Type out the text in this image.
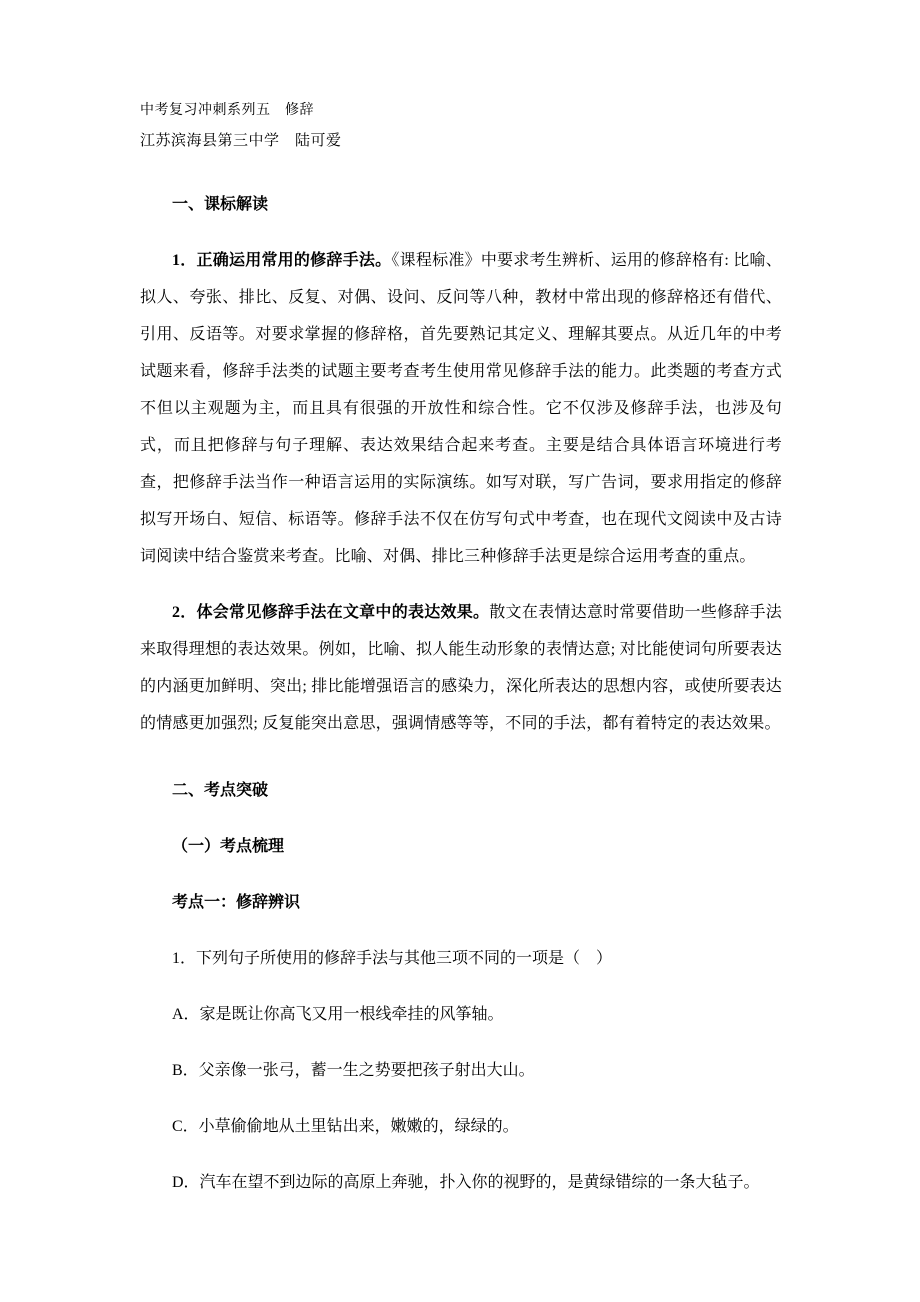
中考复习冲刺系列五　修辞
江苏滨海县第三中学　陆可爱
一、课标解读

1．正确运用常用的修辞手法。《课程标准》中要求考生辨析、运用的修辞格有: 比喻、拟人、夸张、排比、反复、对偶、设问、反问等八种，教材中常出现的修辞格还有借代、引用、反语等。对要求掌握的修辞格，首先要熟记其定义、理解其要点。从近几年的中考试题来看，修辞手法类的试题主要考查考生使用常见修辞手法的能力。此类题的考查方式不但以主观题为主，而且具有很强的开放性和综合性。它不仅涉及修辞手法，也涉及句式，而且把修辞与句子理解、表达效果结合起来考查。主要是结合具体语言环境进行考查，把修辞手法当作一种语言运用的实际演练。如写对联，写广告词，要求用指定的修辞拟写开场白、短信、标语等。修辞手法不仅在仿写句式中考查，也在现代文阅读中及古诗词阅读中结合鉴赏来考查。比喻、对偶、排比三种修辞手法更是综合运用考查的重点。

2．体会常见修辞手法在文章中的表达效果。散文在表情达意时常要借助一些修辞手法来取得理想的表达效果。例如，比喻、拟人能生动形象的表情达意; 对比能使词句所要表达的内涵更加鲜明、突出; 排比能增强语言的感染力，深化所表达的思想内容，或使所要表达的情感更加强烈; 反复能突出意思，强调情感等等，不同的手法，都有着特定的表达效果。

二、考点突破
（一）考点梳理
考点一：修辞辨识
1．下列句子所使用的修辞手法与其他三项不同的一项是（　）
A．家是既让你高飞又用一根线牵挂的风筝轴。
B．父亲像一张弓，蓄一生之势要把孩子射出大山。
C．小草偷偷地从土里钻出来，嫩嫩的，绿绿的。
D．汽车在望不到边际的高原上奔驰，扑入你的视野的，是黄绿错综的一条大毡子。
